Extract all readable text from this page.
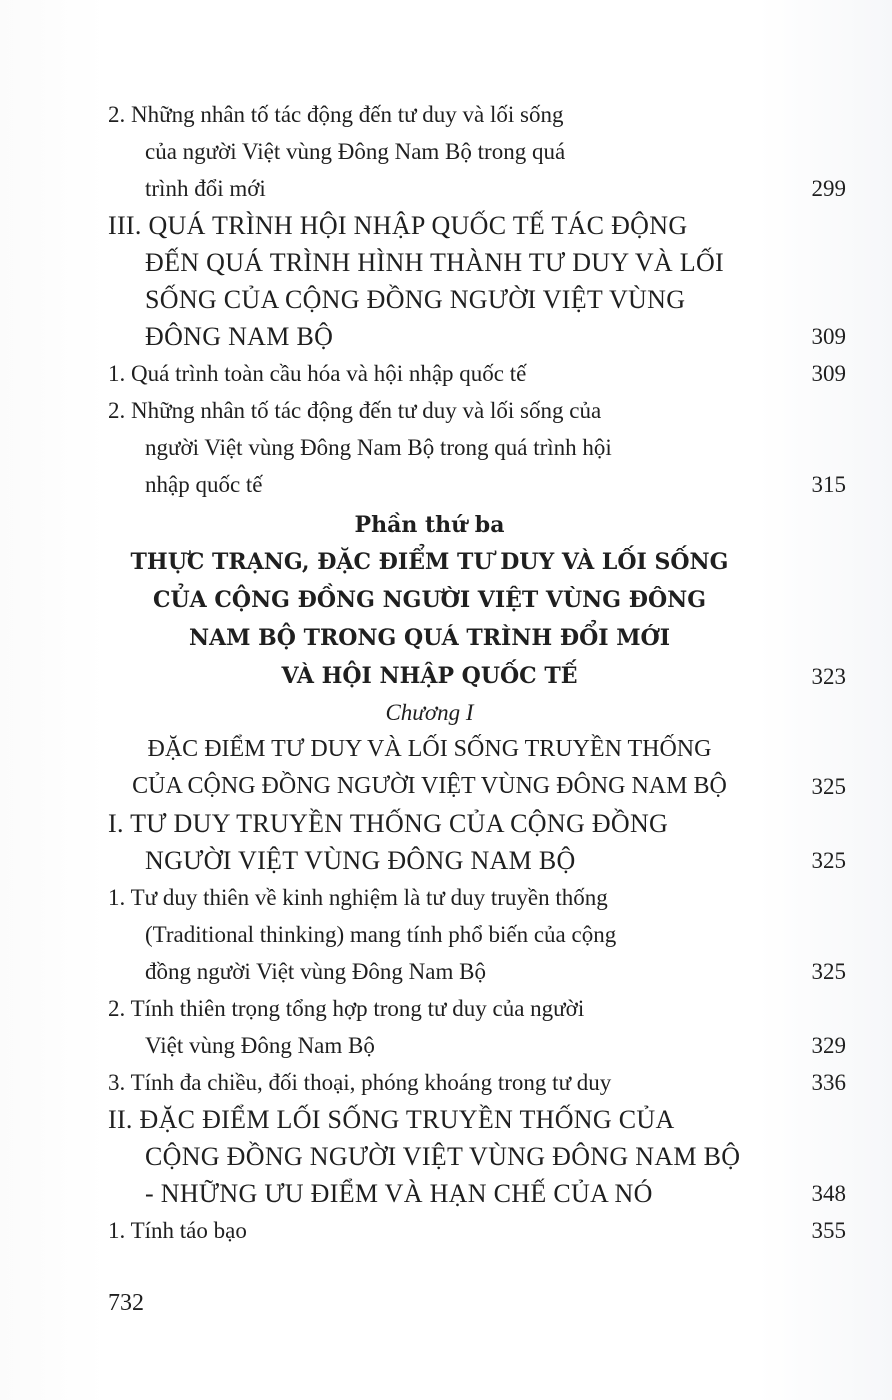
2. Những nhân tố tác động đến tư duy và lối sống
của người Việt vùng Đông Nam Bộ trong quá
trình đổi mới	299
III. QUÁ TRÌNH HỘI NHẬP QUỐC TẾ TÁC ĐỘNG
ĐẾN QUÁ TRÌNH HÌNH THÀNH TƯ DUY VÀ LỐI
SỐNG CỦA CỘNG ĐỒNG NGƯỜI VIỆT VÙNG
ĐÔNG NAM BỘ	309
1. Quá trình toàn cầu hóa và hội nhập quốc tế	309
2. Những nhân tố tác động đến tư duy và lối sống của
người Việt vùng Đông Nam Bộ trong quá trình hội
nhập quốc tế	315
Phần thứ ba
THỰC TRẠNG, ĐẶC ĐIỂM TƯ DUY VÀ LỐI SỐNG
CỦA CỘNG ĐỒNG NGƯỜI VIỆT VÙNG ĐÔNG
NAM BỘ TRONG QUÁ TRÌNH ĐỔI MỚI
VÀ HỘI NHẬP QUỐC TẾ	323
Chương I
ĐẶC ĐIỂM TƯ DUY VÀ LỐI SỐNG TRUYỀN THỐNG
CỦA CỘNG ĐỒNG NGƯỜI VIỆT VÙNG ĐÔNG NAM BỘ	325
I. TƯ DUY TRUYỀN THỐNG CỦA CỘNG ĐỒNG
NGƯỜI VIỆT VÙNG ĐÔNG NAM BỘ	325
1. Tư duy thiên về kinh nghiệm là tư duy truyền thống
(Traditional thinking) mang tính phổ biến của cộng
đồng người Việt vùng Đông Nam Bộ	325
2. Tính thiên trọng tổng hợp trong tư duy của người
Việt vùng Đông Nam Bộ	329
3. Tính đa chiều, đối thoại, phóng khoáng trong tư duy	336
II. ĐẶC ĐIỂM LỐI SỐNG TRUYỀN THỐNG CỦA
CỘNG ĐỒNG NGƯỜI VIỆT VÙNG ĐÔNG NAM BỘ
- NHỮNG ƯU ĐIỂM VÀ HẠN CHẾ CỦA NÓ	348
1. Tính táo bạo	355
732
